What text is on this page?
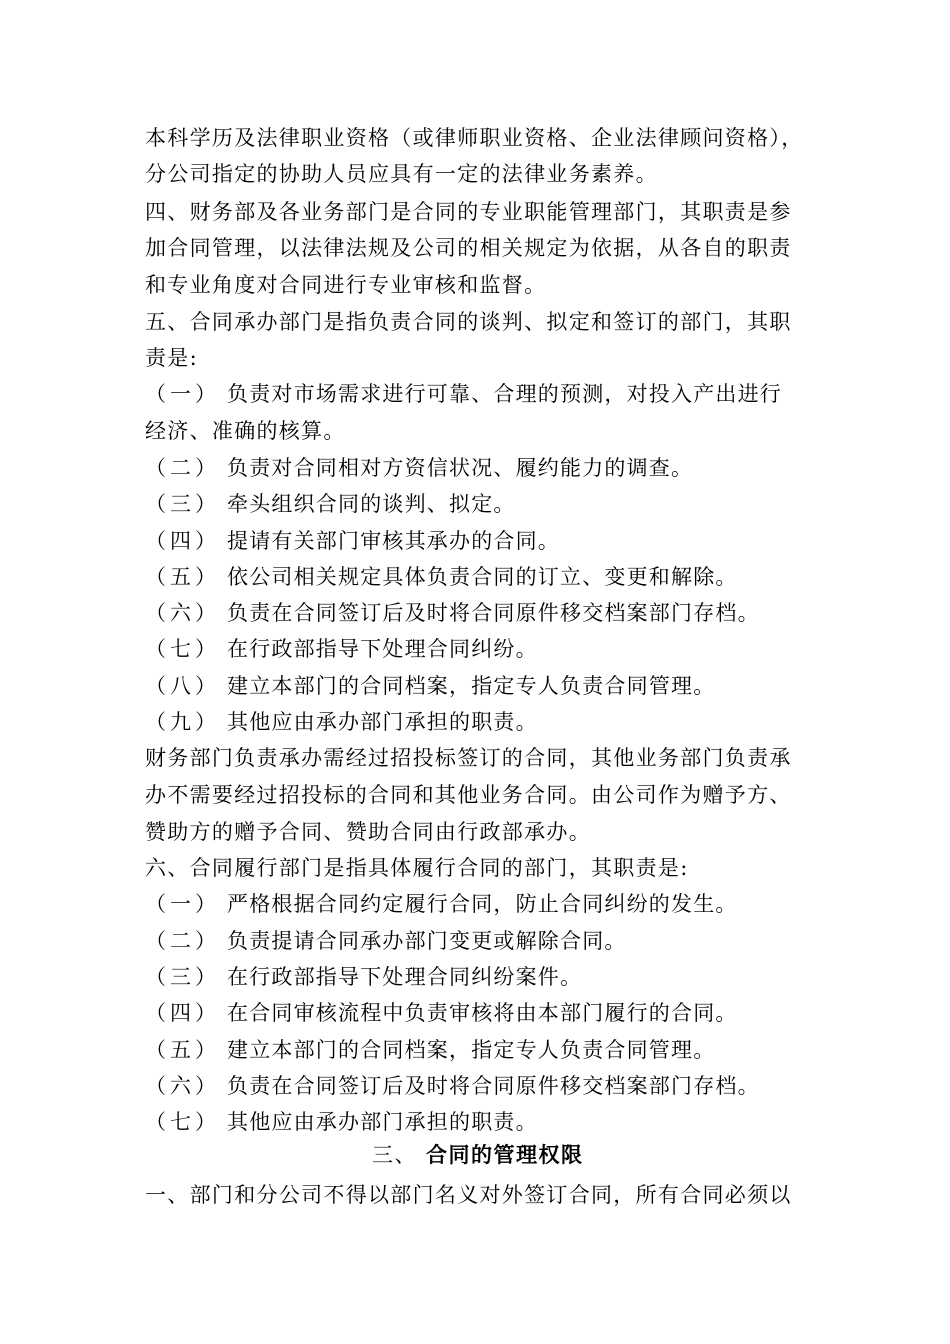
本科学历及法律职业资格（或律师职业资格、企业法律顾问资格），
分公司指定的协助人员应具有一定的法律业务素养。
四、财务部及各业务部门是合同的专业职能管理部门，其职责是参
加合同管理，以法律法规及公司的相关规定为依据，从各自的职责
和专业角度对合同进行专业审核和监督。
五、合同承办部门是指负责合同的谈判、拟定和签订的部门，其职
责是:
（一） 负责对市场需求进行可靠、合理的预测，对投入产出进行
经济、准确的核算。
（二） 负责对合同相对方资信状况、履约能力的调查。
（三） 牵头组织合同的谈判、拟定。
（四） 提请有关部门审核其承办的合同。
（五） 依公司相关规定具体负责合同的订立、变更和解除。
（六） 负责在合同签订后及时将合同原件移交档案部门存档。
（七） 在行政部指导下处理合同纠纷。
（八） 建立本部门的合同档案，指定专人负责合同管理。
（九） 其他应由承办部门承担的职责。
财务部门负责承办需经过招投标签订的合同，其他业务部门负责承
办不需要经过招投标的合同和其他业务合同。由公司作为赠予方、
赞助方的赠予合同、赞助合同由行政部承办。
六、合同履行部门是指具体履行合同的部门，其职责是:
（一） 严格根据合同约定履行合同，防止合同纠纷的发生。
（二） 负责提请合同承办部门变更或解除合同。
（三） 在行政部指导下处理合同纠纷案件。
（四） 在合同审核流程中负责审核将由本部门履行的合同。
（五） 建立本部门的合同档案，指定专人负责合同管理。
（六） 负责在合同签订后及时将合同原件移交档案部门存档。
（七） 其他应由承办部门承担的职责。
三、 合同的管理权限
一、部门和分公司不得以部门名义对外签订合同，所有合同必须以
